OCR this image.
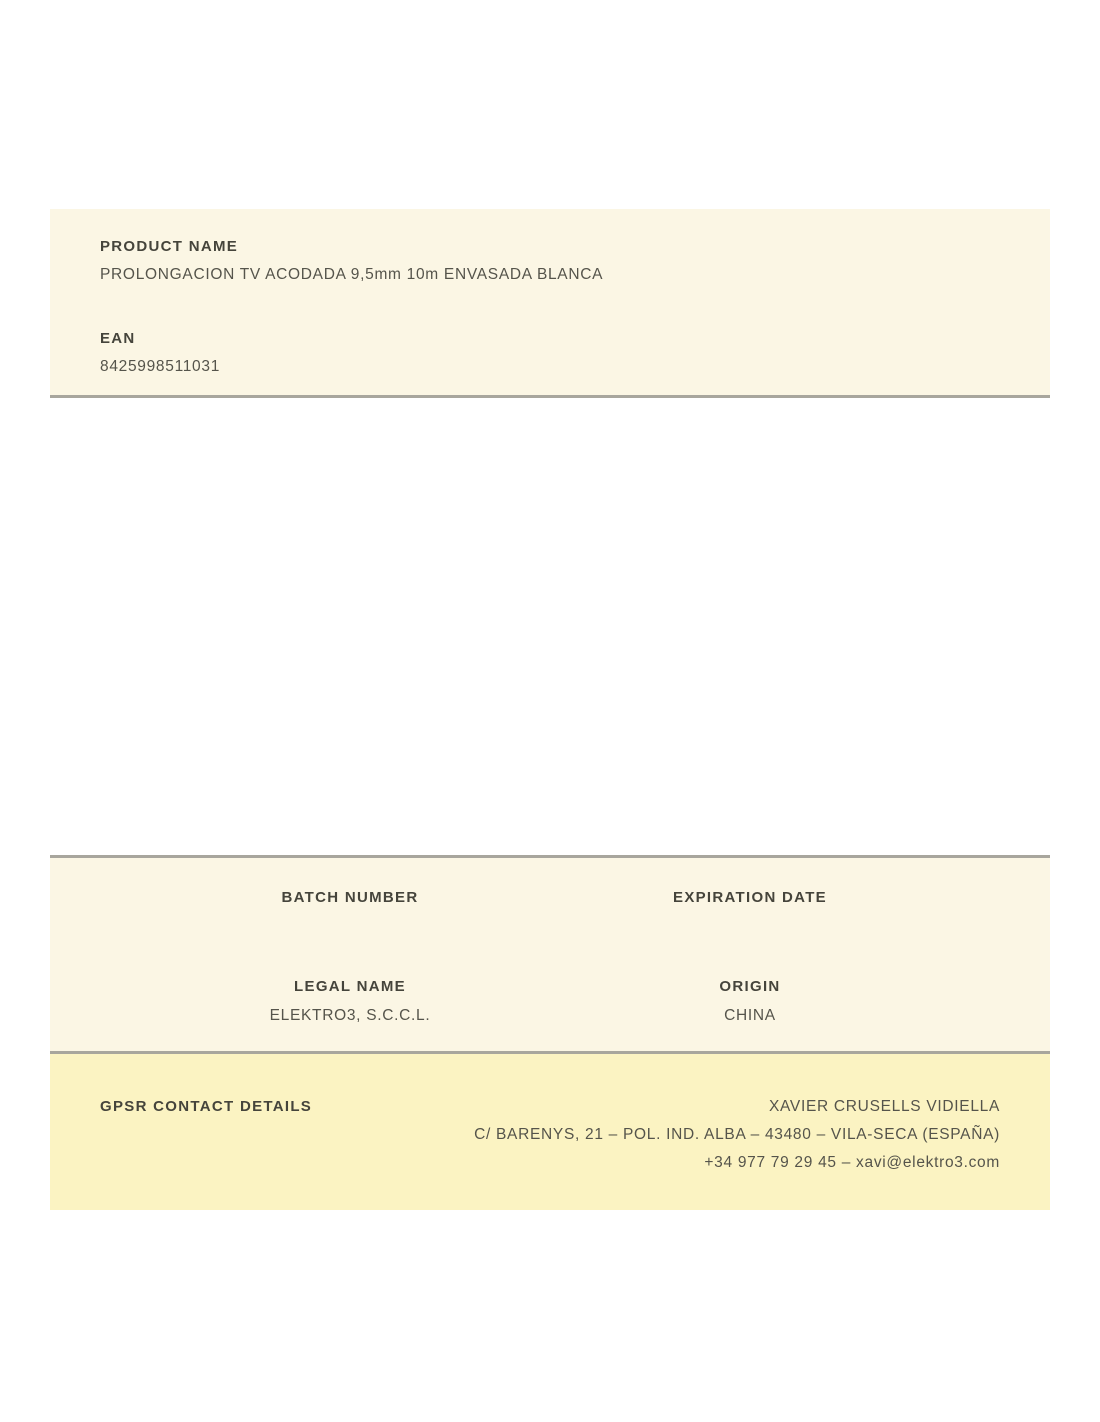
PRODUCT NAME

PROLONGACION TV ACODADA 9,5mm 10m ENVASADA BLANCA

EAN

8425998511031

BATCH NUMBER	EXPIRATION DATE
LEGAL NAME

ELEKTRO3, S.C.C.L.

ORIGIN

CHINA

GPSR CONTACT DETAILS	XAVIER CRUSELLS VIDIELLA

C/ BARENYS, 21 – POL. IND. ALBA – 43480 – VILA-SECA (ESPAÑA)

+34 977 79 29 45 – xavi@elektro3.com
